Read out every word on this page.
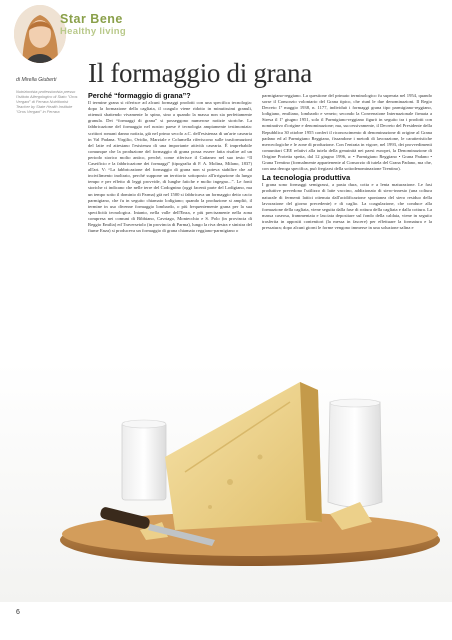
Star Bene
Healthy living
di Mirella Giuberti
Nutrizionista professionista presso l'Istituto Allergologico di Stato "Oros Vergani" di Ferrara Nutritionist Teacher by State Health Institute "Oros Vergani" in Ferrara
Il formaggio di grana
Perché “formaggio di grana”?

Il termine grana si riferisce ad alcuni formaggi prodotti con una specifica tecnologia: dopo la formazione della cagliata, il coagulo viene ridotto in minutissimi granuli, ottenuti sbattendo vivamente lo spino, sino a quando la massa non sia perfettamente granula. Dei “formaggi di grana” si posseggono numerose notizie storiche. La fabbricazione del formaggio nel nostro paese è tecnologia ampiamente testimoniata: scrittori romani danno notizia, già nel primo secolo a.C. dell'esistenza di un'arte casearia in Val Padana. Virgilio, Ovidio, Marziale e Columella riferiscono sulle trasformazioni del latte ed attestano l'esistenza di una importante attività casearia. È imprebabile comunque che la produzione del formaggio di grana possa essere fatta risalire ad un periodo storico molto antico, perché, come riferisce il Cattaneo nel suo testo “Il Caseificio e la fabbricazione dei formaggi” (tipografia di F. A. Molina, Milano, 1837) all'art. V: “La fabbricazione del formaggio di grana non si poteva stabilire che ad incivilimento inoltrato, perché suppone un territorio sottoposto all'irrigazione da lungo tempo e per effetto di leggi provvide, di lunghe fatiche e molto ingegno...”. Le fonti storiche ci indicano che nelle terre del Codognino (oggi facenti parte del Lodigiano, ma un tempo sotto il dominio di Parma) già nel 1500 si fabbricava un formaggio detto cacio parmigiano, che fu in seguito chiamato lodigiano; quando la produzione si ampliò, il termine in uso divenne formaggio lombardo, o più frequentemente grana per la sua specificità tecnologica. Intanto, nella valle dell'Enza, e più precisamente nella zona compresa nei comuni di Bibbiano, Cavriago, Montecchio e S. Polo (in provincia di Reggio Emilia) ed Traversetolo (in provincia di Parma), lungo la riva destra e sinistra del fiume Enza) si produceva un formaggio di grana chiamato reggiano-parmigiano o

parmigiano-reggiano. La questione del primato terminologico fu superata nel 1954, quando sorse il Consorzio volontario del Grana tipico, che riunì le due denominazioni. Il Regio Decreto 1º maggio 1938, n. 1177, individuò i formaggi grana tipo parmigiano-reggiano, lodigiano, emiliano, lombardo e veneto; secondo la Convenzione Internazionale firmata a Stresa il 1º giugno 1951, solo il Parmigiano-reggiano figurò in seguito tra i prodotti con nominativo d'origine e denominazione; ma, successivamente, il Decreto del Presidente della Repubblica 30 ottobre 1955 conferì il riconoscimento di denominazione di origine al Grana padano ed al Parmigiano Reggiano, fissandone i metodi di lavorazione, le caratteristiche merceologiche e le zone di produzione. Con l'entrata in vigore, nel 1993, dei provvedimenti comunitari CEE relativi alla tutela della genuinità nei paesi europei, la Denominazione di Origine Protetta spetta, dal 12 giugno 1996, a: • Parmigiano Reggiano • Grana Padano • Grana Trentino (formalmente appartenente al Consorzio di tutela del Grana Padano, ma che, con una deroga specifica, può fregiarsi della sottodenominazione Trentino).

La tecnologia produttiva

I grana sono formaggi semigrassi, a pasta dura, cotta e a lenta maturazione. Le fasi produttive prevedono l'utilizzo di latte vaccino, addizionato di siero-innesto (una coltura naturale di fermenti lattici ottenuta dall'acidificazione spontanea del siero residuo della lavorazione del giorno precedente) e di caglio. La coagulazione, che conduce alla formazione della cagliata, viene seguita dalla fase di rottura della cagliata e dalla cottura. La massa caseosa, frammentata e lasciata depositare sul fondo della caldaia, viene in seguito trasferita in appositi contenitori (la messa in fascere) per effettuare la formatura e la pressatura; dopo alcuni giorni le forme vengono immerse in una soluzione salina e

6
